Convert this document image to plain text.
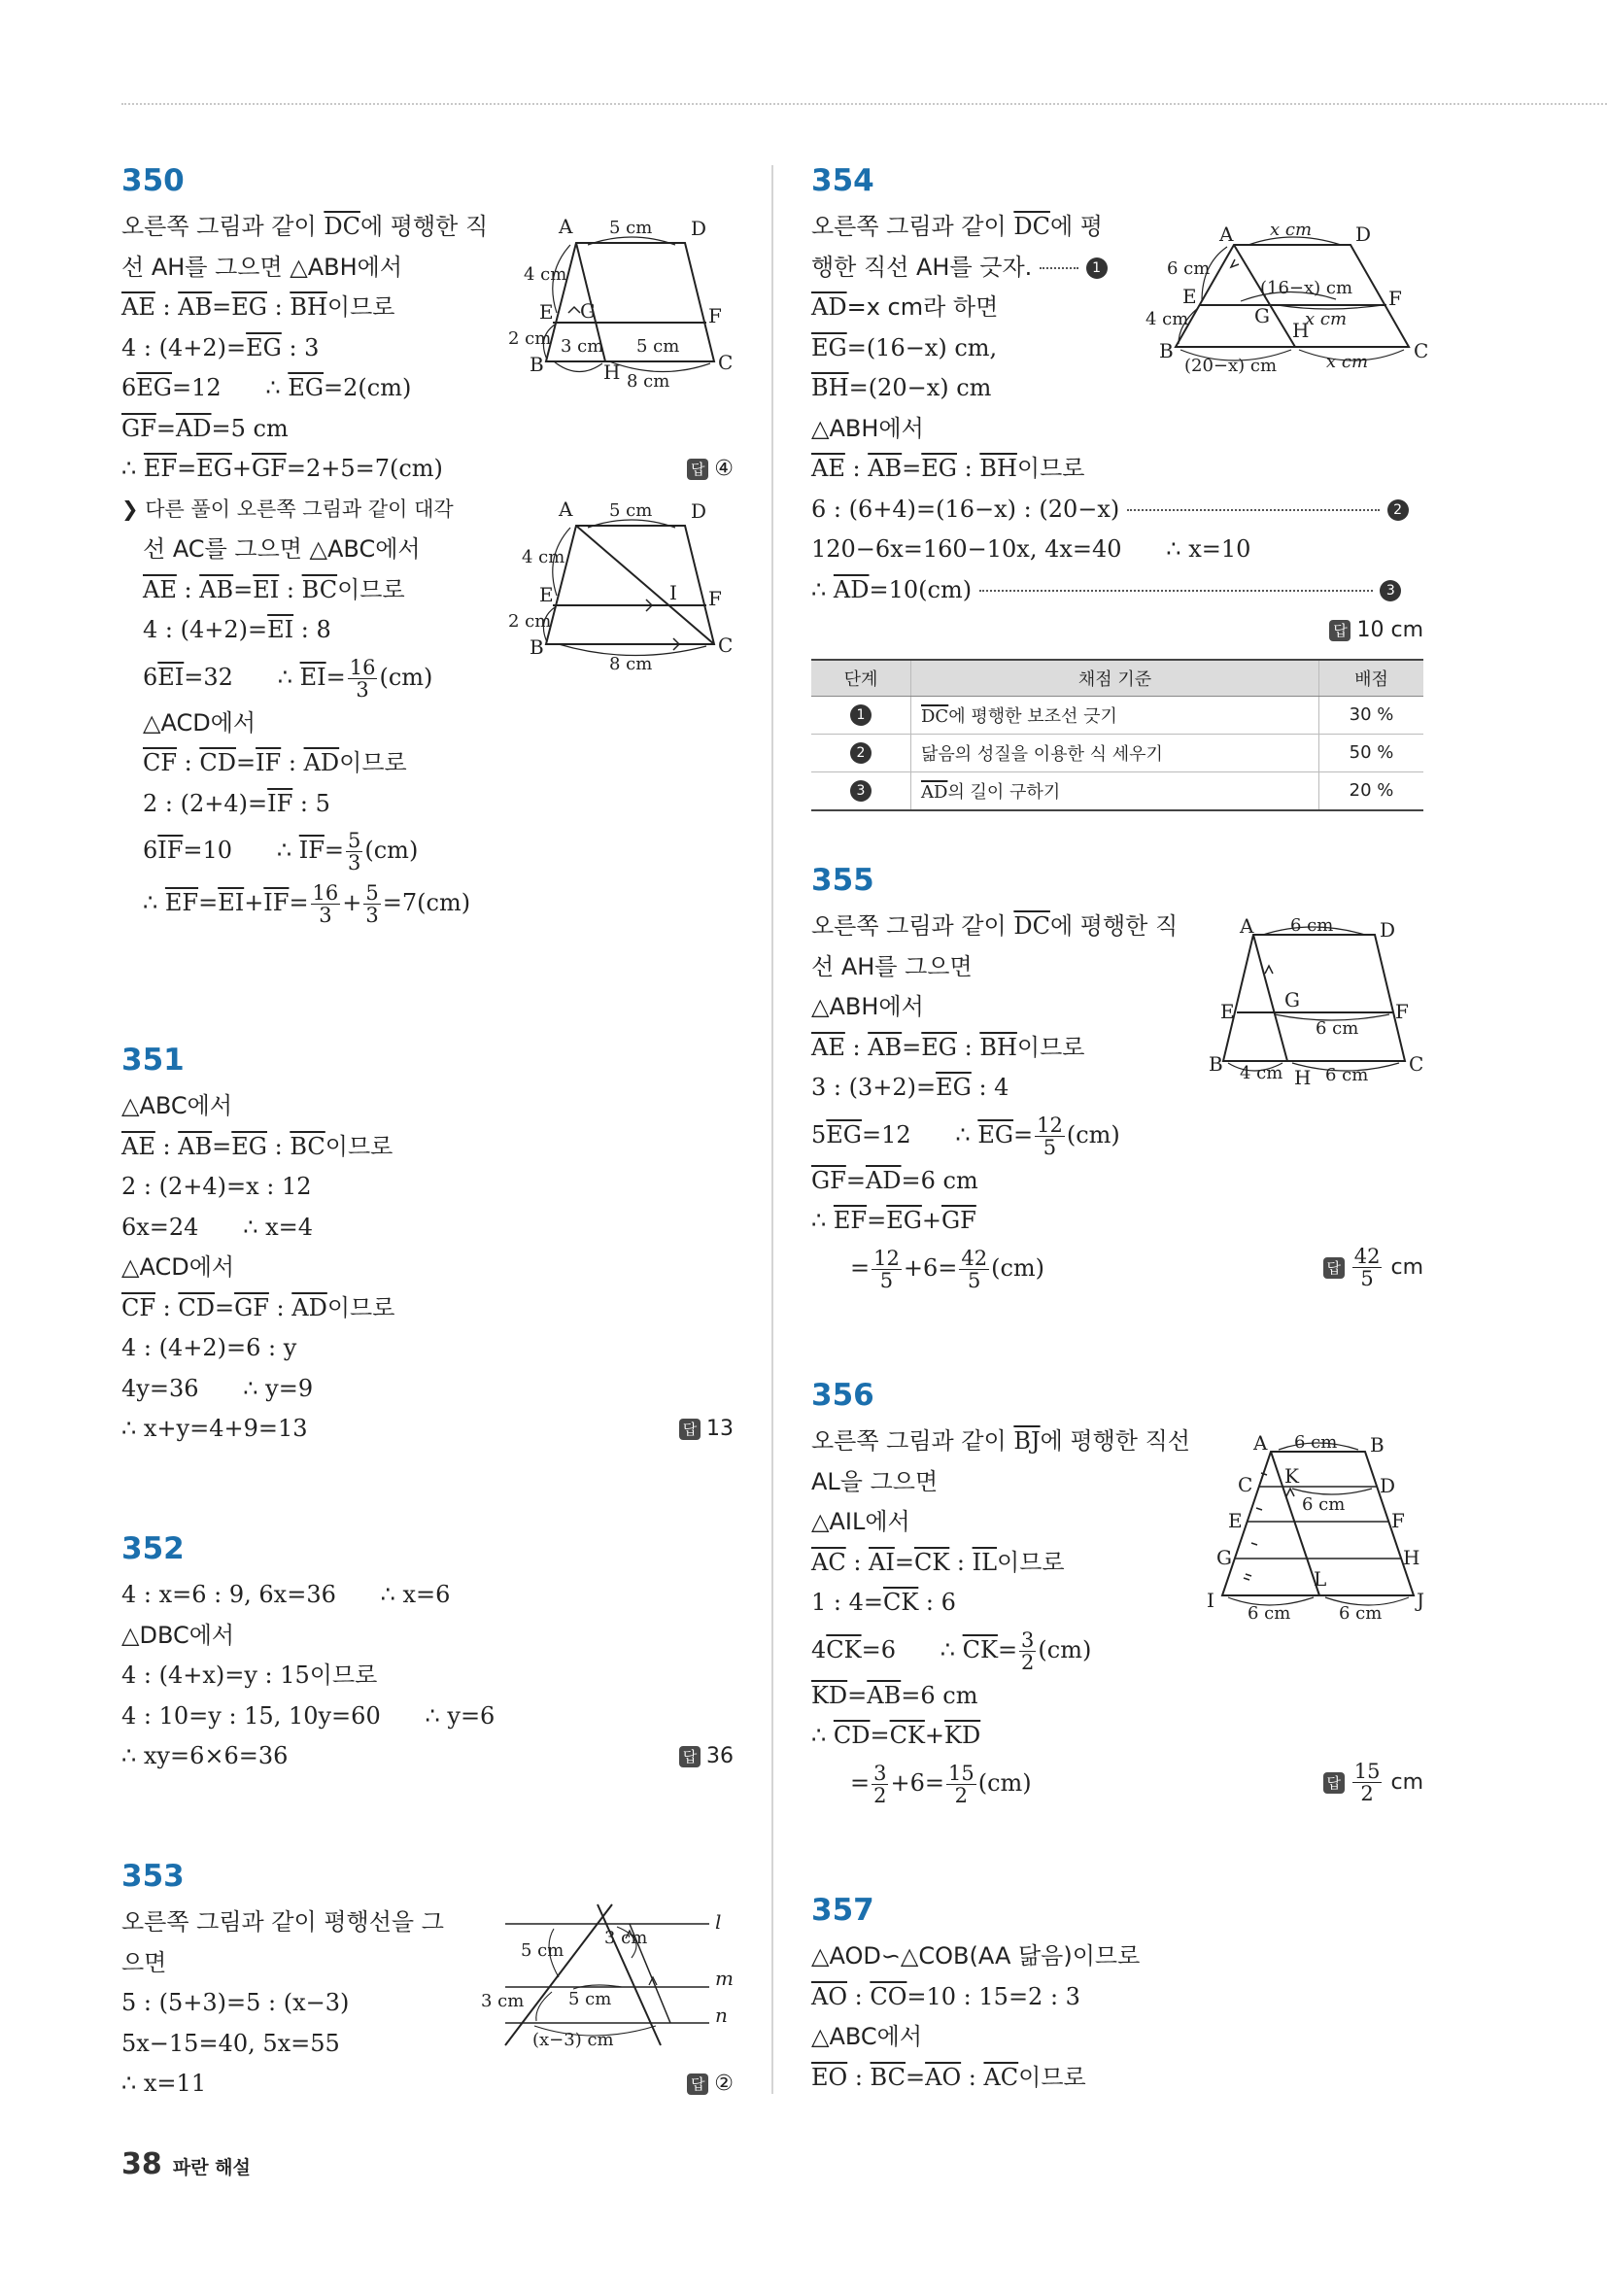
350
오른쪽 그림과 같이 $\overline{DC}$에 평행한 직
선 AH를 그으면 △ABH에서
$\overline{AE}$ : $\overline{AB}=\overline{EG}$ : $\overline{BH}$이므로
4 : $(4+2)=\overline{EG}$ : 3
$6\overline{EG}=12$      ∴ $\overline{EG}=2(cm)$
$\overline{GF}=\overline{AD}=5$ cm
∴ $\overline{EF}=\overline{EG}+\overline{GF}=2+5=7(cm)$	답 ④
❯ 다른 풀이 오른쪽 그림과 같이 대각
선 AC를 그으면 △ABC에서
$\overline{AE}$ : $\overline{AB}=\overline{EI}$ : $\overline{BC}$이므로
4 : $(4+2)=\overline{EI}$ : 8
$6\overline{EI}=32$      ∴ $\overline{EI}= \frac{16}{3} (cm)$
△ACD에서
$\overline{CF}$ : $\overline{CD}=\overline{IF}$ : $\overline{AD}$이므로
2 : $(2+4)=\overline{IF}$ : 5
$6\overline{IF}=10$      ∴ $\overline{IF}= \frac{5}{3} (cm)$
∴ $\overline{EF}=\overline{EI}+\overline{IF}= \frac{16}{3} + \frac{5}{3} =7(cm)$
A	D
5 cm
4 cm
E G	F
2 cm 3 cm 5 cm
B	H	C
8 cm
A	D
5 cm
4 cm
E	I F
2 cm
B	C
8 cm
351
△ABC에서
$\overline{AE}$ : $\overline{AB}=\overline{EG}$ : $\overline{BC}$이므로
2 : (2+4)=x : 12
6x=24      ∴ x=4
△ACD에서
$\overline{CF}$ : $\overline{CD}=\overline{GF}$ : $\overline{AD}$이므로
4 : (4+2)=6 : y
4y=36      ∴ y=9
∴ x+y=4+9=13	답 13
352
4 : x=6 : 9, 6x=36      ∴ x=6
△DBC에서
4 : (4+x)=y : 15이므로
4 : 10=y : 15, 10y=60      ∴ y=6
∴ xy=6×6=36	답 36
353
오른쪽 그림과 같이 평행선을 그
으면
5 : (5+3)=5 : (x−3)
5x−15=40, 5x=55
∴ x=11	답 ②
l
m
n
5 cm
3 cm
3 cm	5 cm
(x−3) cm
354
오른쪽 그림과 같이 $\overline{DC}$에 평
행한 직선 AH를 긋자.	1
$\overline{AD}=x$ cm라 하면
$\overline{EG}=(16-x)$ cm,
$\overline{BH}=(20-x)$ cm
△ABH에서
$\overline{AE}$ : $\overline{AB}=\overline{EG}$ : $\overline{BH}$이므로
6 : (6+4)=(16−x) : (20−x)	2
120−6x=160−10x, 4x=40      ∴ x=10
∴ $\overline{AD}=10(cm)$	3
답 10 cm
단계	채점 기준	배점
1	$\overline{DC}$에 평행한 보조선 긋기	30 %
2	닮음의 성질을 이용한 식 세우기	50 %
3	$\overline{AD}$의 길이 구하기	20 %
A	D
x cm
6 cm
E	F
G
H
(16−x) cm
x cm
4 cm
B	C
(20−x) cm	x cm
355
오른쪽 그림과 같이 $\overline{DC}$에 평행한 직
선 AH를 그으면
△ABH에서
$\overline{AE}$ : $\overline{AB}=\overline{EG}$ : $\overline{BH}$이므로
3 : $(3+2)=\overline{EG}$ : 4
$5\overline{EG}=12$      ∴ $\overline{EG}= \frac{12}{5} (cm)$
$\overline{GF}=\overline{AD}=6$ cm
∴ $\overline{EF}=\overline{EG}+\overline{GF}$
= $\frac{12}{5} +6= \frac{42}{5} (cm)$	답 $\frac{42}{5}$ cm
A	D
6 cm
E	G	F
6 cm
B 4 cm H 6 cm C
356
오른쪽 그림과 같이 $\overline{BJ}$에 평행한 직선
AL을 그으면
△AIL에서
$\overline{AC}$ : $\overline{AI}=\overline{CK}$ : $\overline{IL}$이므로
1 : $4=\overline{CK}$ : 6
$4\overline{CK}=6$      ∴ $\overline{CK}= \frac{3}{2} (cm)$
$\overline{KD}=\overline{AB}=6$ cm
∴ $\overline{CD}=\overline{CK}+\overline{KD}$
= $\frac{3}{2} +6= \frac{15}{2} (cm)$	답 $\frac{15}{2}$ cm
A	B
6 cm
C K	D
6 cm
E	F
G	H
L
I	J
6 cm	6 cm
357
△AOD∽△COB(AA 닮음)이므로
$\overline{AO}$ : $\overline{CO}=10$ : 15=2 : 3
△ABC에서
$\overline{EO}$ : $\overline{BC}=\overline{AO}$ : $\overline{AC}$이므로
38 파란 해설
